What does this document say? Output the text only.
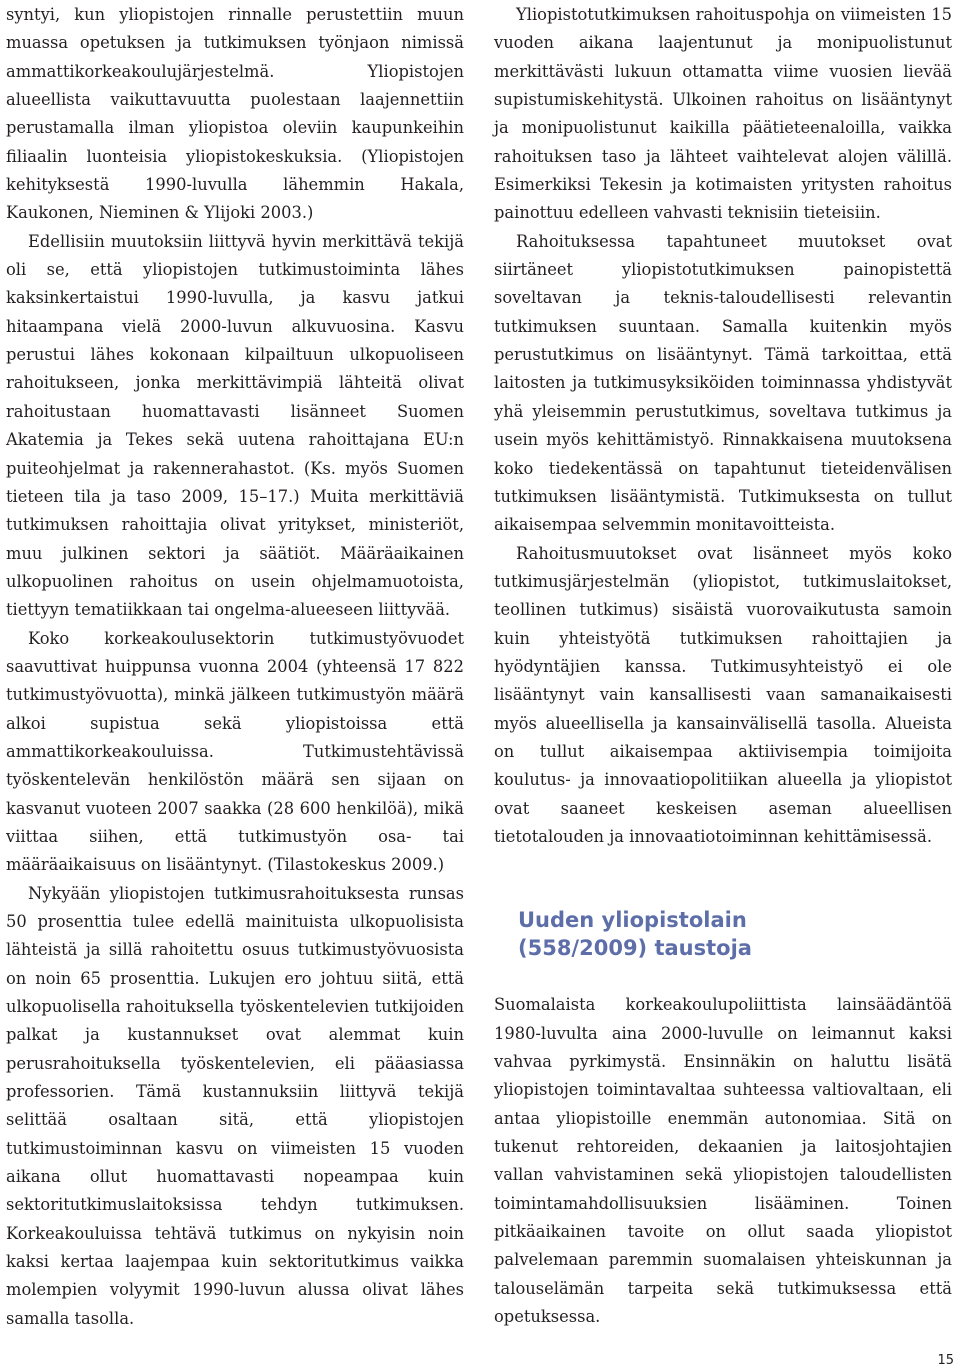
syntyi, kun yliopistojen rinnalle perustettiin muun muassa opetuksen ja tutkimuksen työnjaon nimissä ammattikorkeakoulujärjestelmä. Yliopistojen alueellista vaikuttavuutta puolestaan laajennettiin perustamalla ilman yliopistoa oleviin kaupunkeihin filiaalin luonteisia yliopistokeskuksia. (Yliopistojen kehityksestä 1990-luvulla lähemmin Hakala, Kaukonen, Nieminen & Ylijoki 2003.)

Edellisiin muutoksiin liittyvä hyvin merkittävä tekijä oli se, että yliopistojen tutkimustoiminta lähes kaksinkertaistui 1990-luvulla, ja kasvu jatkui hitaampana vielä 2000-luvun alkuvuosina. Kasvu perustui lähes kokonaan kilpailtuun ulkopuoliseen rahoitukseen, jonka merkittävimpiä lähteitä olivat rahoitustaan huomattavasti lisänneet Suomen Akatemia ja Tekes sekä uutena rahoittajana EU:n puiteohjelmat ja rakennerahastot. (Ks. myös Suomen tieteen tila ja taso 2009, 15–17.) Muita merkittäviä tutkimuksen rahoittajia olivat yritykset, ministeriöt, muu julkinen sektori ja säätiöt. Määräaikainen ulkopuolinen rahoitus on usein ohjelmamuotoista, tiettyyn tematiikkaan tai ongelma-alueeseen liittyvää.

Koko korkeakoulusektorin tutkimustyövuodet saavuttivat huippunsa vuonna 2004 (yhteensä 17 822 tutkimustyövuotta), minkä jälkeen tutkimustyön määrä alkoi supistua sekä yliopistoissa että ammattikorkeakouluissa. Tutkimustehtävissä työskentelevän henkilöstön määrä sen sijaan on kasvanut vuoteen 2007 saakka (28 600 henkilöä), mikä viittaa siihen, että tutkimustyön osa- tai määräaikaisuus on lisääntynyt. (Tilastokeskus 2009.)

Nykyään yliopistojen tutkimusrahoituksesta runsas 50 prosenttia tulee edellä mainituista ulkopuolisista lähteistä ja sillä rahoitettu osuus tutkimustyövuosista on noin 65 prosenttia. Lukujen ero johtuu siitä, että ulkopuolisella rahoituksella työskentelevien tutkijoiden palkat ja kustannukset ovat alemmat kuin perusrahoituksella työskentelevien, eli pääasiassa professorien. Tämä kustannuksiin liittyvä tekijä selittää osaltaan sitä, että yliopistojen tutkimustoiminnan kasvu on viimeisten 15 vuoden aikana ollut huomattavasti nopeampaa kuin sektoritutkimuslaitoksissa tehdyn tutkimuksen. Korkeakouluissa tehtävä tutkimus on nykyisin noin kaksi kertaa laajempaa kuin sektoritutkimus vaikka molempien volyymit 1990-luvun alussa olivat lähes samalla tasolla.

Yliopistotutkimuksen rahoituspohja on viimeisten 15 vuoden aikana laajentunut ja monipuolistunut merkittävästi lukuun ottamatta viime vuosien lievää supistumiskehitystä. Ulkoinen rahoitus on lisääntynyt ja monipuolistunut kaikilla päätieteenaloilla, vaikka rahoituksen taso ja lähteet vaihtelevat alojen välillä. Esimerkiksi Tekesin ja kotimaisten yritysten rahoitus painottuu edelleen vahvasti teknisiin tieteisiin.

Rahoituksessa tapahtuneet muutokset ovat siirtäneet yliopistotutkimuksen painopistettä soveltavan ja teknis-taloudellisesti relevantin tutkimuksen suuntaan. Samalla kuitenkin myös perustutkimus on lisääntynyt. Tämä tarkoittaa, että laitosten ja tutkimusyksiköiden toiminnassa yhdistyvät yhä yleisemmin perustutkimus, soveltava tutkimus ja usein myös kehittämistyö. Rinnakkaisena muutoksena koko tiedekentässä on tapahtunut tieteidenvälisen tutkimuksen lisääntymistä. Tutkimuksesta on tullut aikaisempaa selvemmin monitavoitteista.

Rahoitusmuutokset ovat lisänneet myös koko tutkimusjärjestelmän (yliopistot, tutkimuslaitokset, teollinen tutkimus) sisäistä vuorovaikutusta samoin kuin yhteistyötä tutkimuksen rahoittajien ja hyödyntäjien kanssa. Tutkimusyhteistyö ei ole lisääntynyt vain kansallisesti vaan samanaikaisesti myös alueellisella ja kansainvälisellä tasolla. Alueista on tullut aikaisempaa aktiivisempia toimijoita koulutus- ja innovaatiopolitiikan alueella ja yliopistot ovat saaneet keskeisen aseman alueellisen tietotalouden ja innovaatiotoiminnan kehittämisessä.

Uuden yliopistolain
(558/2009) taustoja

Suomalaista korkeakoulupoliittista lainsäädäntöä 1980-luvulta aina 2000-luvulle on leimannut kaksi vahvaa pyrkimystä. Ensinnäkin on haluttu lisätä yliopistojen toimintavaltaa suhteessa valtiovaltaan, eli antaa yliopistoille enemmän autonomiaa. Sitä on tukenut rehtoreiden, dekaanien ja laitosjohtajien vallan vahvistaminen sekä yliopistojen taloudellisten toimintamahdollisuuksien lisääminen. Toinen pitkäaikainen tavoite on ollut saada yliopistot palvelemaan paremmin suomalaisen yhteiskunnan ja talouselämän tarpeita sekä tutkimuksessa että opetuksessa.

15
